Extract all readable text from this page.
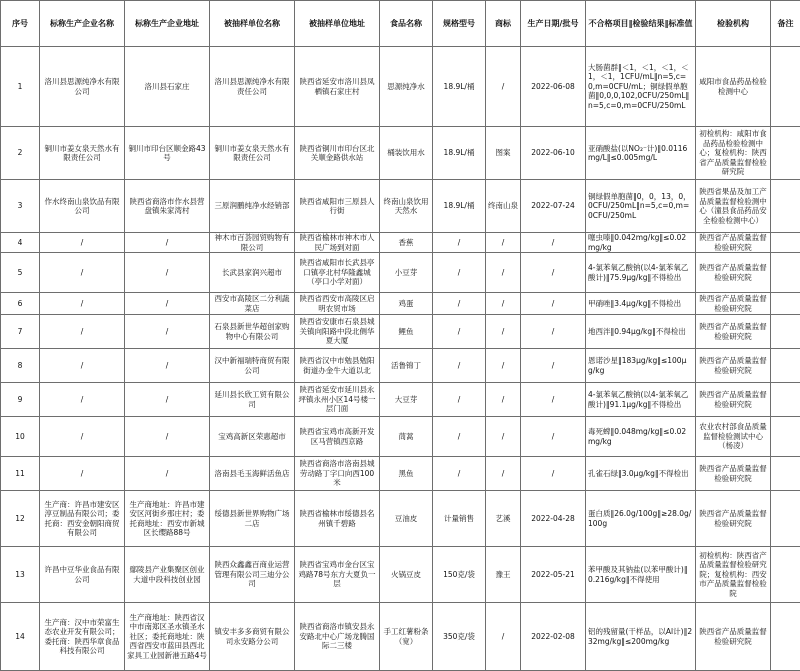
序号	标称生产企业名称	标称生产企业地址	被抽样单位名称	被抽样单位地址	食品名称	规格型号	商标	生产日期/批号	不合格项目‖检验结果‖标准值	检验机构	备注
1	洛川县思源纯净水有限公司	洛川县石家庄	洛川县思源纯净水有限责任公司	陕西省延安市洛川县凤栖镇石家庄村	思源纯净水	18.9L/桶	/	2022-06-08	大肠菌群‖＜1，＜1，＜1，＜1，＜1，1CFU/mL‖n=5,c=0,m=0CFU/mL；铜绿假单胞菌‖0,0,0,102,0CFU/250mL‖n=5,c=0,m=0CFU/250mL	咸阳市食品药品检验检测中心	
2	铜川市姜女泉天然水有限责任公司	铜川市印台区顺金路43号	铜川市姜女泉天然水有限责任公司	陕西省铜川市印台区北关顺金路供水站	桶装饮用水	18.9L/桶	图案	2022-06-10	亚硝酸盐(以NO₂⁻计)‖0.0116mg/L‖≤0.005mg/L	初检机构：咸阳市食品药品检验检测中心；复检机构：陕西省产品质量监督检验研究院	
3	作水终南山泉饮品有限公司	陕西省商洛市作水县营盘镇朱家湾村	三原润鹏纯净水经销部	陕西省咸阳市三原县人行街	终南山泉饮用天然水	18.9L/桶	终南山泉	2022-07-24	铜绿假单胞菌‖0，0，13，0，0CFU/250mL‖n=5,c=0,m=0CFU/250mL	陕西省果品及加工产品质量监督检验测中心（潼县食品药品安全检验检测中心）	
4	/	/	神木市百荟园贸购物有限公司	陕西省榆林市神木市人民广场到对面	香蕉	/	/	/	噻虫嗪‖0.042mg/kg‖≤0.02mg/kg	陕西省产品质量监督检验研究院	
5	/	/	长武县家润兴超市	陕西省咸阳市长武县亭口镇亭北村华隆鑫城（亭口小学对面）	小豆芽	/	/	/	4-氯苯氧乙酸钠(以4-氯苯氧乙酸计)‖75.9μg/kg‖不得检出	陕西省产品质量监督检验研究院	
6	/	/	西安市高陵区二分利蔬菜店	陕西省西安市高陵区启明农贸市场	鸡蛋	/	/	/	甲硝唑‖3.4μg/kg‖不得检出	陕西省产品质量监督检验研究院	
7	/	/	石泉县新世华超创家购物中心有限公司	陕西省安康市石泉县城关镇向阳路中段北侧华夏大厦	鲤鱼	/	/	/	地西泮‖0.94μg/kg‖不得检出	陕西省产品质量监督检验研究院	
8	/	/	汉中新福瑞特商贸有限公司	陕西省汉中市勉县勉阳街道办金牛大道以北	活鲁锦丁	/	/	/	恩诺沙星‖183μg/kg‖≤100μg/kg	陕西省产品质量监督检验研究院	
9	/	/	延川县长欣工贸有限公司	陕西省延安市延川县永坪镇永州小区14号楼一层门面	大豆芽	/	/	/	4-氯苯氧乙酸钠(以4-氯苯氧乙酸计)‖91.1μg/kg‖不得检出	陕西省产品质量监督检验研究院	
10	/	/	宝鸡高新区荣惠超市	陕西省宝鸡市高新开发区马营镇西京路	茼蒿	/	/	/	毒死蜱‖0.048mg/kg‖≤0.02mg/kg	农业农村部食品质量监督检验测试中心（杨凌）	
11	/	/	洛南县毛玉海鲜活鱼店	陕西省商洛市洛南县城劳动路丁字口向西100米	黑鱼	/	/	/	孔雀石绿‖3.0μg/kg‖不得检出	陕西省产品质量监督检验研究院	
12	生产商：许昌市建安区淳豆制品有限公司；委托商：西安金朝阳商贸有限公司	生产商地址：许昌市建安区河街乡那庄村；委托商地址：西安市新城区长缨路88号	绥德县新世界购物广场二店	陕西省榆林市绥德县名州镇千碧路	豆油皮	计量销售	艺溪	2022-04-28	蛋白质‖26.0g/100g‖≥28.0g/100g	陕西省产品质量监督检验研究院	
13	许昌中豆华业食品有限公司	鄢陵县产业集聚区创业大道中段科技创业园	陕西众鑫鑫百商业运营管理有限公司三迪分公司	陕西省宝鸡市金台区宝鸡路78号东方大夏负一层	火锅豆皮	150克/袋	豫王	2022-05-21	苯甲酸及其钠盐(以苯甲酸计)‖0.216g/kg‖不得使用	初检机构：陕西省产品质量监督检验研究院；复检机构：西安市产品质量监督检验院	
14	生产商：汉中市荣富生态农业开发有限公司；委托商：陕西华章食品科技有限公司	生产商地址：陕西省汉中市南郑区圣水镇圣水社区；委托商地址：陕西省西安市蓝田县西北家具工业园新港五路4号	镇安丰多多商贸有限公司永安路分公司	陕西省商洛市镇安县永安路北中心广场龙腾国际二三楼	手工红薯粉条（宽）	350克/袋	/	2022-02-08	铝的残留量(干样品，以Al计)‖232mg/kg‖≤200mg/kg	陕西省产品质量监督检验研究院	
